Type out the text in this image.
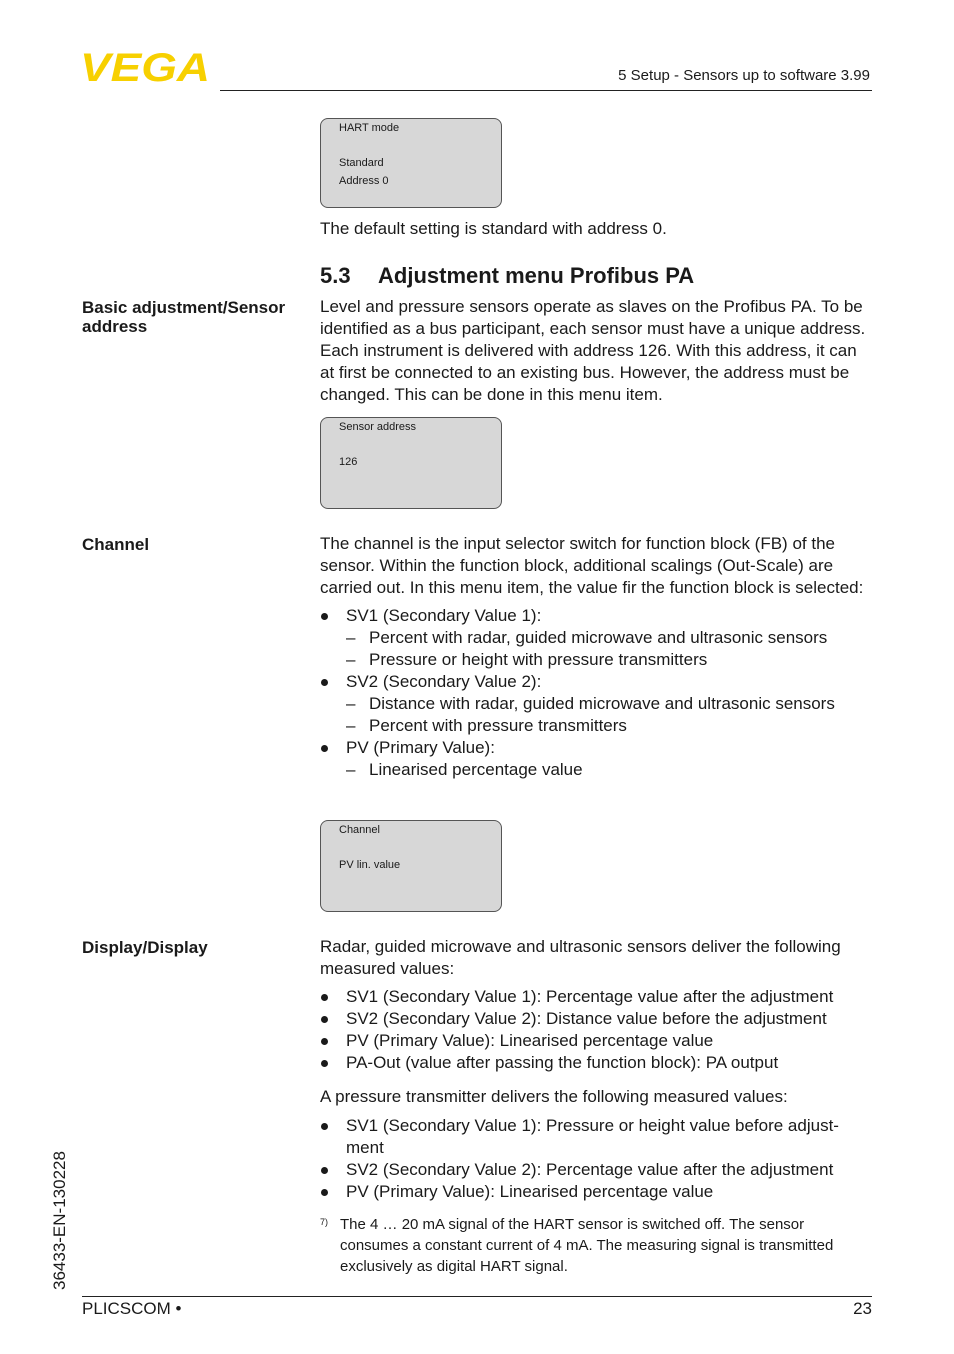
VEGA	5 Setup - Sensors up to software 3.99
HART mode
Standard
Address 0
The default setting is standard with address 0.
5.3 Adjustment menu Profibus PA
Basic adjustment/Sensor address
Level and pressure sensors operate as slaves on the Profibus PA. To be identified as a bus participant, each sensor must have a unique address. Each instrument is delivered with address 126. With this address, it can at first be connected to an existing bus. However, the address must be changed. This can be done in this menu item.
Sensor address
126
Channel	The channel is the input selector switch for function block (FB) of the sensor. Within the function block, additional scalings (Out-Scale) are carried out. In this menu item, the value fir the function block is selected:
SV1 (Secondary Value 1):
– Percent with radar, guided microwave and ultrasonic sensors
– Pressure or height with pressure transmitters
SV2 (Secondary Value 2):
– Distance with radar, guided microwave and ultrasonic sensors
– Percent with pressure transmitters
PV (Primary Value):
– Linearised percentage value
Channel
PV lin. value
Display/Display	Radar, guided microwave and ultrasonic sensors deliver the following measured values:
SV1 (Secondary Value 1): Percentage value after the adjustment
SV2 (Secondary Value 2): Distance value before the adjustment
PV (Primary Value): Linearised percentage value
PA-Out (value after passing the function block): PA output
A pressure transmitter delivers the following measured values:
SV1 (Secondary Value 1): Pressure or height value before adjust-ment
SV2 (Secondary Value 2): Percentage value after the adjustment
PV (Primary Value): Linearised percentage value
7) The 4 … 20 mA signal of the HART sensor is switched off. The sensor consumes a constant current of 4 mA. The measuring signal is transmitted exclusively as digital HART signal.
36433-EN-130228
PLICSCOM •	23
